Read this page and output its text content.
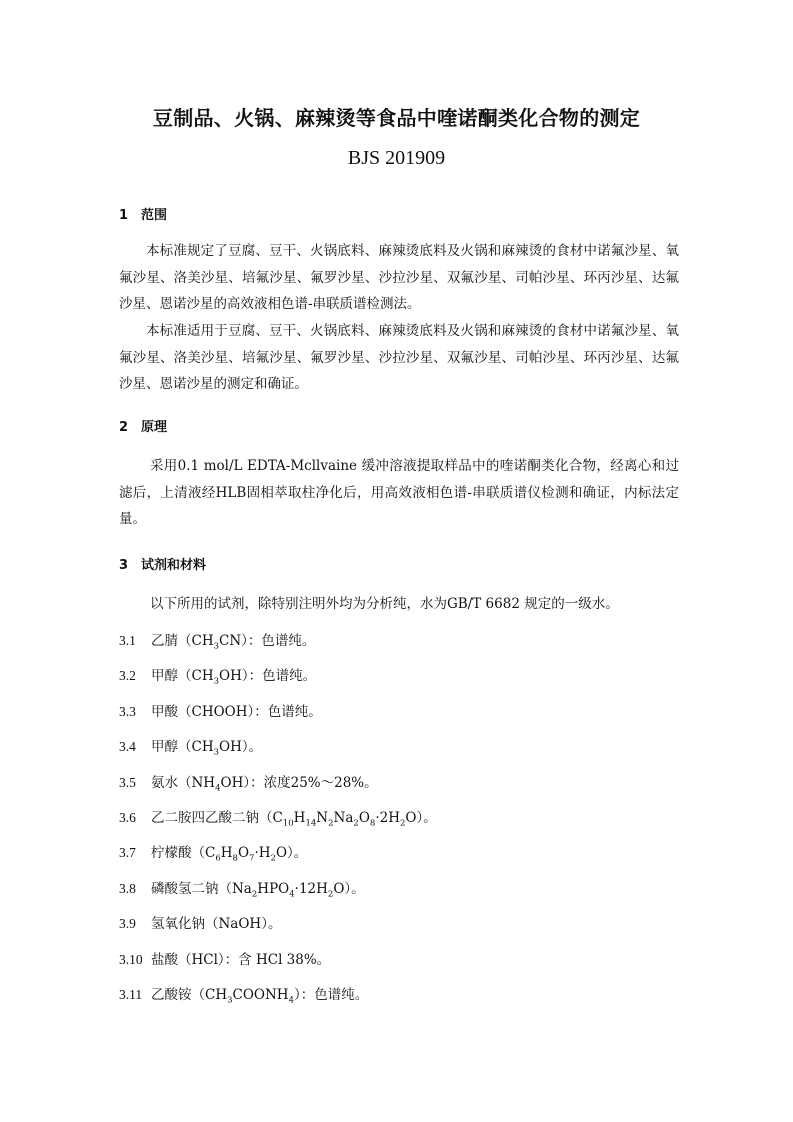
豆制品、火锅、麻辣烫等食品中喹诺酮类化合物的测定
BJS 201909
1 范围

本标准规定了豆腐、豆干、火锅底料、麻辣烫底料及火锅和麻辣烫的食材中诺氟沙星、氧氟沙星、洛美沙星、培氟沙星、氟罗沙星、沙拉沙星、双氟沙星、司帕沙星、环丙沙星、达氟沙星、恩诺沙星的高效液相色谱-串联质谱检测法。

本标准适用于豆腐、豆干、火锅底料、麻辣烫底料及火锅和麻辣烫的食材中诺氟沙星、氧氟沙星、洛美沙星、培氟沙星、氟罗沙星、沙拉沙星、双氟沙星、司帕沙星、环丙沙星、达氟沙星、恩诺沙星的测定和确证。

2 原理

采用0.1 mol/L EDTA-Mcllvaine 缓冲溶液提取样品中的喹诺酮类化合物，经离心和过滤后，上清液经HLB固相萃取柱净化后，用高效液相色谱-串联质谱仪检测和确证，内标法定量。

3 试剂和材料

以下所用的试剂，除特别注明外均为分析纯，水为GB/T 6682 规定的一级水。

3.1 乙腈$(CH_3CN)$：色谱纯。
3.2 甲醇$(CH_3OH)$：色谱纯。
3.3 甲酸（CHOOH）：色谱纯。
3.4 甲醇$(CH_3OH)$。
3.5 氨水$(NH_4OH)$：浓度25%～28%。
3.6 乙二胺四乙酸二钠$(C_{10}H_{14}N_2Na_2O_8\cdot 2H_2O)$。
3.7 柠檬酸$(C_6H_8O_7\cdot H_2O)$。
3.8 磷酸氢二钠$(Na_2HPO_4\cdot 12H_2O)$。
3.9 氢氧化钠（NaOH）。
3.10 盐酸（HCl）：含 HCl 38%。
3.11 乙酸铵$(CH_3COONH_4)$：色谱纯。
